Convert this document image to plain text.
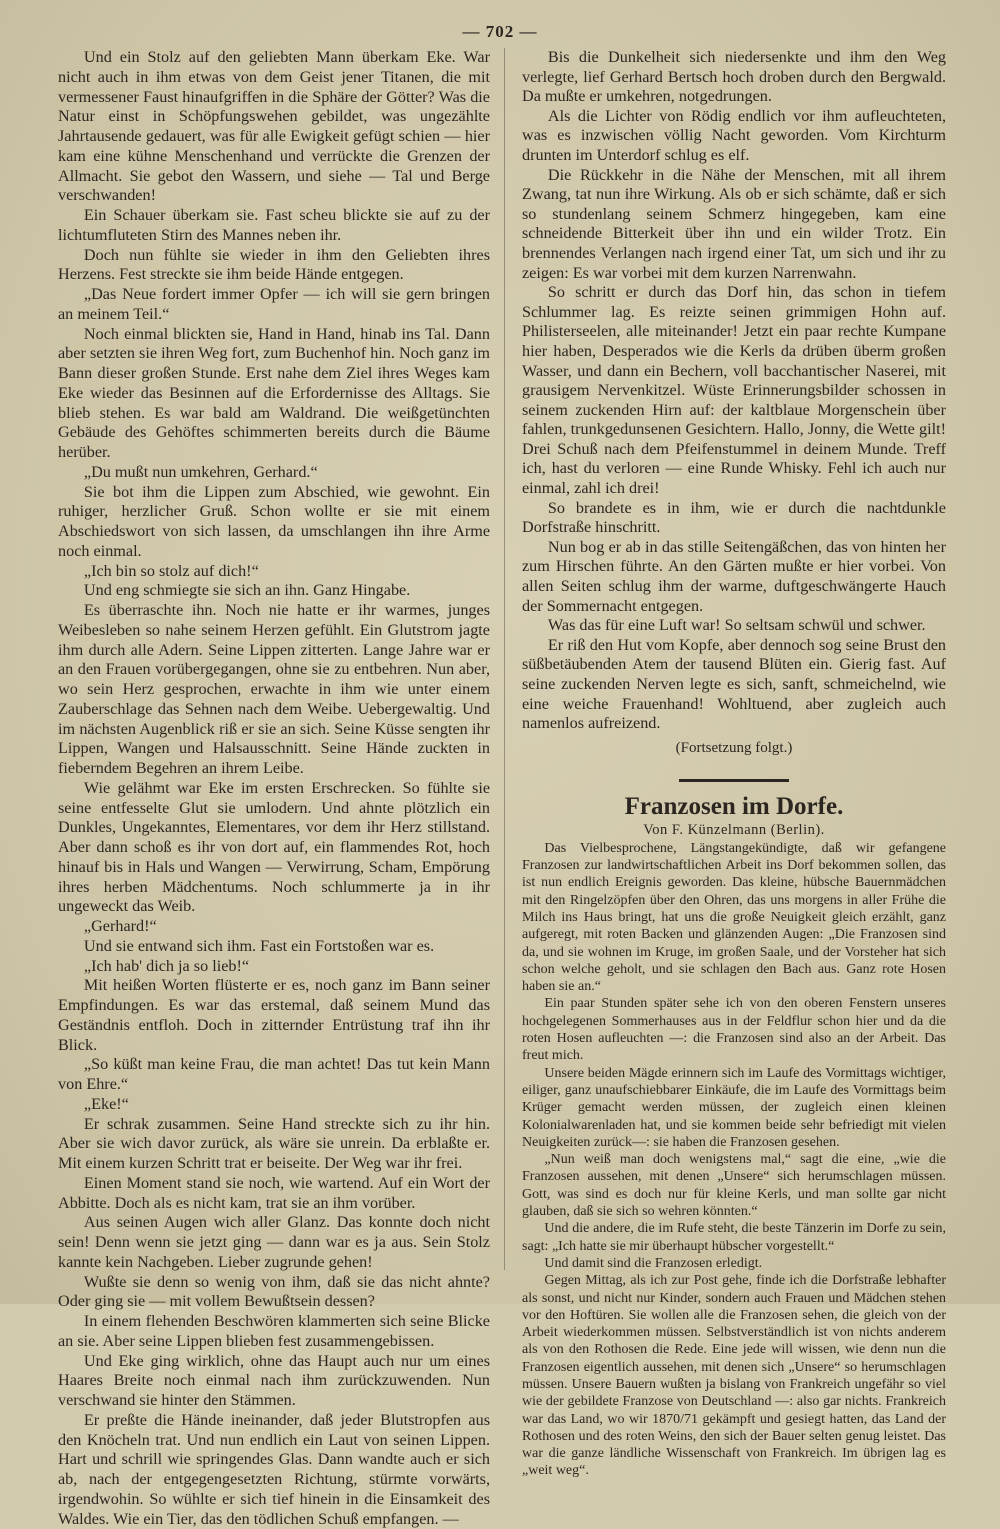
— 702 —

Und ein Stolz auf den geliebten Mann überkam Eke. War nicht auch in ihm etwas von dem Geist jener Titanen, die mit vermessener Faust hinaufgriffen in die Sphäre der Götter? Was die Natur einst in Schöpfungswehen gebildet, was ungezählte Jahrtausende gedauert, was für alle Ewigkeit gefügt schien — hier kam eine kühne Menschenhand und verrückte die Grenzen der Allmacht. Sie gebot den Wassern, und siehe — Tal und Berge verschwanden!

Ein Schauer überkam sie. Fast scheu blickte sie auf zu der lichtumfluteten Stirn des Mannes neben ihr.

Doch nun fühlte sie wieder in ihm den Geliebten ihres Herzens. Fest streckte sie ihm beide Hände entgegen.

„Das Neue fordert immer Opfer — ich will sie gern bringen an meinem Teil.“

Noch einmal blickten sie, Hand in Hand, hinab ins Tal. Dann aber setzten sie ihren Weg fort, zum Buchenhof hin. Noch ganz im Bann dieser großen Stunde. Erst nahe dem Ziel ihres Weges kam Eke wieder das Besinnen auf die Erfordernisse des Alltags. Sie blieb stehen. Es war bald am Waldrand. Die weißgetünchten Gebäude des Gehöftes schimmerten bereits durch die Bäume herüber.

„Du mußt nun umkehren, Gerhard.“

Sie bot ihm die Lippen zum Abschied, wie gewohnt. Ein ruhiger, herzlicher Gruß. Schon wollte er sie mit einem Abschiedswort von sich lassen, da umschlangen ihn ihre Arme noch einmal.

„Ich bin so stolz auf dich!“

Und eng schmiegte sie sich an ihn. Ganz Hingabe.

Es überraschte ihn. Noch nie hatte er ihr warmes, junges Weibesleben so nahe seinem Herzen gefühlt. Ein Glutstrom jagte ihm durch alle Adern. Seine Lippen zitterten. Lange Jahre war er an den Frauen vorübergegangen, ohne sie zu entbehren. Nun aber, wo sein Herz gesprochen, erwachte in ihm wie unter einem Zauberschlage das Sehnen nach dem Weibe. Uebergewaltig. Und im nächsten Augenblick riß er sie an sich. Seine Küsse sengten ihr Lippen, Wangen und Halsausschnitt. Seine Hände zuckten in fieberndem Begehren an ihrem Leibe.

Wie gelähmt war Eke im ersten Erschrecken. So fühlte sie seine entfesselte Glut sie umlodern. Und ahnte plötzlich ein Dunkles, Ungekanntes, Elementares, vor dem ihr Herz stillstand. Aber dann schoß es ihr von dort auf, ein flammendes Rot, hoch hinauf bis in Hals und Wangen — Verwirrung, Scham, Empörung ihres herben Mädchentums. Noch schlummerte ja in ihr ungeweckt das Weib.

„Gerhard!“

Und sie entwand sich ihm. Fast ein Fortstoßen war es.

„Ich hab' dich ja so lieb!“

Mit heißen Worten flüsterte er es, noch ganz im Bann seiner Empfindungen. Es war das erstemal, daß seinem Mund das Geständnis entfloh. Doch in zitternder Entrüstung traf ihn ihr Blick.

„So küßt man keine Frau, die man achtet! Das tut kein Mann von Ehre.“

„Eke!“

Er schrak zusammen. Seine Hand streckte sich zu ihr hin. Aber sie wich davor zurück, als wäre sie unrein. Da erblaßte er. Mit einem kurzen Schritt trat er beiseite. Der Weg war ihr frei.

Einen Moment stand sie noch, wie wartend. Auf ein Wort der Abbitte. Doch als es nicht kam, trat sie an ihm vorüber.

Aus seinen Augen wich aller Glanz. Das konnte doch nicht sein! Denn wenn sie jetzt ging — dann war es ja aus. Sein Stolz kannte kein Nachgeben. Lieber zugrunde gehen!

Wußte sie denn so wenig von ihm, daß sie das nicht ahnte? Oder ging sie — mit vollem Bewußtsein dessen?

In einem flehenden Beschwören klammerten sich seine Blicke an sie. Aber seine Lippen blieben fest zusammengebissen.

Und Eke ging wirklich, ohne das Haupt auch nur um eines Haares Breite noch einmal nach ihm zurückzuwenden. Nun verschwand sie hinter den Stämmen.

Er preßte die Hände ineinander, daß jeder Blutstropfen aus den Knöcheln trat. Und nun endlich ein Laut von seinen Lippen. Hart und schrill wie springendes Glas. Dann wandte auch er sich ab, nach der entgegengesetzten Richtung, stürmte vorwärts, irgendwohin. So wühlte er sich tief hinein in die Einsamkeit des Waldes. Wie ein Tier, das den tödlichen Schuß empfangen. —

Bis die Dunkelheit sich niedersenkte und ihm den Weg verlegte, lief Gerhard Bertsch hoch droben durch den Bergwald. Da mußte er umkehren, notgedrungen.

Als die Lichter von Rödig endlich vor ihm aufleuchteten, was es inzwischen völlig Nacht geworden. Vom Kirchturm drunten im Unterdorf schlug es elf.

Die Rückkehr in die Nähe der Menschen, mit all ihrem Zwang, tat nun ihre Wirkung. Als ob er sich schämte, daß er sich so stundenlang seinem Schmerz hingegeben, kam eine schneidende Bitterkeit über ihn und ein wilder Trotz. Ein brennendes Verlangen nach irgend einer Tat, um sich und ihr zu zeigen: Es war vorbei mit dem kurzen Narrenwahn.

So schritt er durch das Dorf hin, das schon in tiefem Schlummer lag. Es reizte seinen grimmigen Hohn auf. Philisterseelen, alle miteinander! Jetzt ein paar rechte Kumpane hier haben, Desperados wie die Kerls da drüben überm großen Wasser, und dann ein Bechern, voll bacchantischer Naserei, mit grausigem Nervenkitzel. Wüste Erinnerungsbilder schossen in seinem zuckenden Hirn auf: der kaltblaue Morgenschein über fahlen, trunkgedunsenen Gesichtern. Hallo, Jonny, die Wette gilt! Drei Schuß nach dem Pfeifenstummel in deinem Munde. Treff ich, hast du verloren — eine Runde Whisky. Fehl ich auch nur einmal, zahl ich drei!

So brandete es in ihm, wie er durch die nachtdunkle Dorfstraße hinschritt.

Nun bog er ab in das stille Seitengäßchen, das von hinten her zum Hirschen führte. An den Gärten mußte er hier vorbei. Von allen Seiten schlug ihm der warme, duftgeschwängerte Hauch der Sommernacht entgegen.

Was das für eine Luft war! So seltsam schwül und schwer.

Er riß den Hut vom Kopfe, aber dennoch sog seine Brust den süßbetäubenden Atem der tausend Blüten ein. Gierig fast. Auf seine zuckenden Nerven legte es sich, sanft, schmeichelnd, wie eine weiche Frauenhand! Wohltuend, aber zugleich auch namenlos aufreizend.

(Fortsetzung folgt.)

Franzosen im Dorfe.

Von F. Künzelmann (Berlin).

Das Vielbesprochene, Längstangekündigte, daß wir gefangene Franzosen zur landwirtschaftlichen Arbeit ins Dorf bekommen sollen, das ist nun endlich Ereignis geworden. Das kleine, hübsche Bauernmädchen mit den Ringelzöpfen über den Ohren, das uns morgens in aller Frühe die Milch ins Haus bringt, hat uns die große Neuigkeit gleich erzählt, ganz aufgeregt, mit roten Backen und glänzenden Augen: „Die Franzosen sind da, und sie wohnen im Kruge, im großen Saale, und der Vorsteher hat sich schon welche geholt, und sie schlagen den Bach aus. Ganz rote Hosen haben sie an.“

Ein paar Stunden später sehe ich von den oberen Fenstern unseres hochgelegenen Sommerhauses aus in der Feldflur schon hier und da die roten Hosen aufleuchten —: die Franzosen sind also an der Arbeit. Das freut mich.

Unsere beiden Mägde erinnern sich im Laufe des Vormittags wichtiger, eiliger, ganz unaufschiebbarer Einkäufe, die im Laufe des Vormittags beim Krüger gemacht werden müssen, der zugleich einen kleinen Kolonialwarenladen hat, und sie kommen beide sehr befriedigt mit vielen Neuigkeiten zurück—: sie haben die Franzosen gesehen.

„Nun weiß man doch wenigstens mal,“ sagt die eine, „wie die Franzosen aussehen, mit denen „Unsere“ sich herumschlagen müssen. Gott, was sind es doch nur für kleine Kerls, und man sollte gar nicht glauben, daß sie sich so wehren könnten.“

Und die andere, die im Rufe steht, die beste Tänzerin im Dorfe zu sein, sagt: „Ich hatte sie mir überhaupt hübscher vorgestellt.“

Und damit sind die Franzosen erledigt.

Gegen Mittag, als ich zur Post gehe, finde ich die Dorfstraße lebhafter als sonst, und nicht nur Kinder, sondern auch Frauen und Mädchen stehen vor den Hoftüren. Sie wollen alle die Franzosen sehen, die gleich von der Arbeit wiederkommen müssen. Selbstverständlich ist von nichts anderem als von den Rothosen die Rede. Eine jede will wissen, wie denn nun die Franzosen eigentlich aussehen, mit denen sich „Unsere“ so herumschlagen müssen. Unsere Bauern wußten ja bislang von Frankreich ungefähr so viel wie der gebildete Franzose von Deutschland —: also gar nichts. Frankreich war das Land, wo wir 1870/71 gekämpft und gesiegt hatten, das Land der Rothosen und des roten Weins, den sich der Bauer selten genug leistet. Das war die ganze ländliche Wissenschaft von Frankreich. Im übrigen lag es „weit weg“.
